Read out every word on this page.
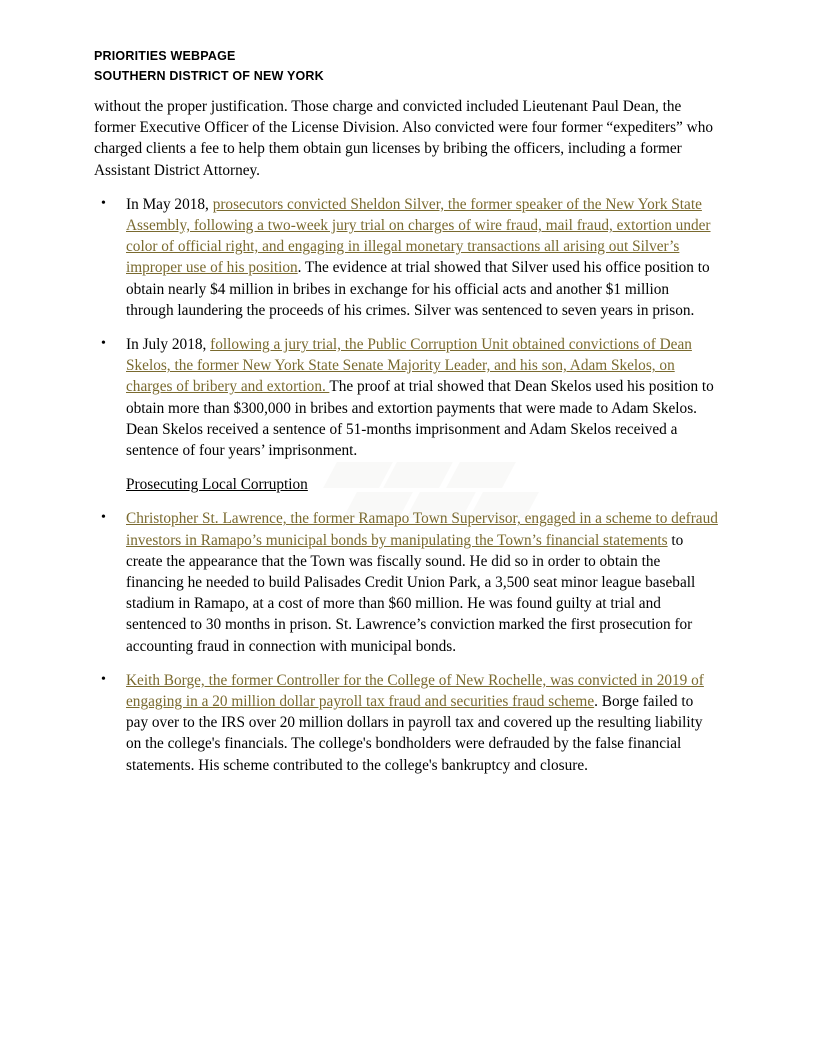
PRIORITIES WEBPAGE
SOUTHERN DISTRICT OF NEW YORK

without the proper justification. Those charge and convicted included Lieutenant Paul Dean, the former Executive Officer of the License Division. Also convicted were four former “expediters” who charged clients a fee to help them obtain gun licenses by bribing the officers, including a former Assistant District Attorney.

• In May 2018, prosecutors convicted Sheldon Silver, the former speaker of the New York State Assembly, following a two-week jury trial on charges of wire fraud, mail fraud, extortion under color of official right, and engaging in illegal monetary transactions all arising out Silver’s improper use of his position. The evidence at trial showed that Silver used his office position to obtain nearly $4 million in bribes in exchange for his official acts and another $1 million through laundering the proceeds of his crimes. Silver was sentenced to seven years in prison.
• In July 2018, following a jury trial, the Public Corruption Unit obtained convictions of Dean Skelos, the former New York State Senate Majority Leader, and his son, Adam Skelos, on charges of bribery and extortion. The proof at trial showed that Dean Skelos used his position to obtain more than $300,000 in bribes and extortion payments that were made to Adam Skelos. Dean Skelos received a sentence of 51-months imprisonment and Adam Skelos received a sentence of four years’ imprisonment.
Prosecuting Local Corruption
• Christopher St. Lawrence, the former Ramapo Town Supervisor, engaged in a scheme to defraud investors in Ramapo’s municipal bonds by manipulating the Town’s financial statements to create the appearance that the Town was fiscally sound. He did so in order to obtain the financing he needed to build Palisades Credit Union Park, a 3,500 seat minor league baseball stadium in Ramapo, at a cost of more than $60 million. He was found guilty at trial and sentenced to 30 months in prison. St. Lawrence’s conviction marked the first prosecution for accounting fraud in connection with municipal bonds.
• Keith Borge, the former Controller for the College of New Rochelle, was convicted in 2019 of engaging in a 20 million dollar payroll tax fraud and securities fraud scheme. Borge failed to pay over to the IRS over 20 million dollars in payroll tax and covered up the resulting liability on the college's financials. The college's bondholders were defrauded by the false financial statements. His scheme contributed to the college's bankruptcy and closure.
